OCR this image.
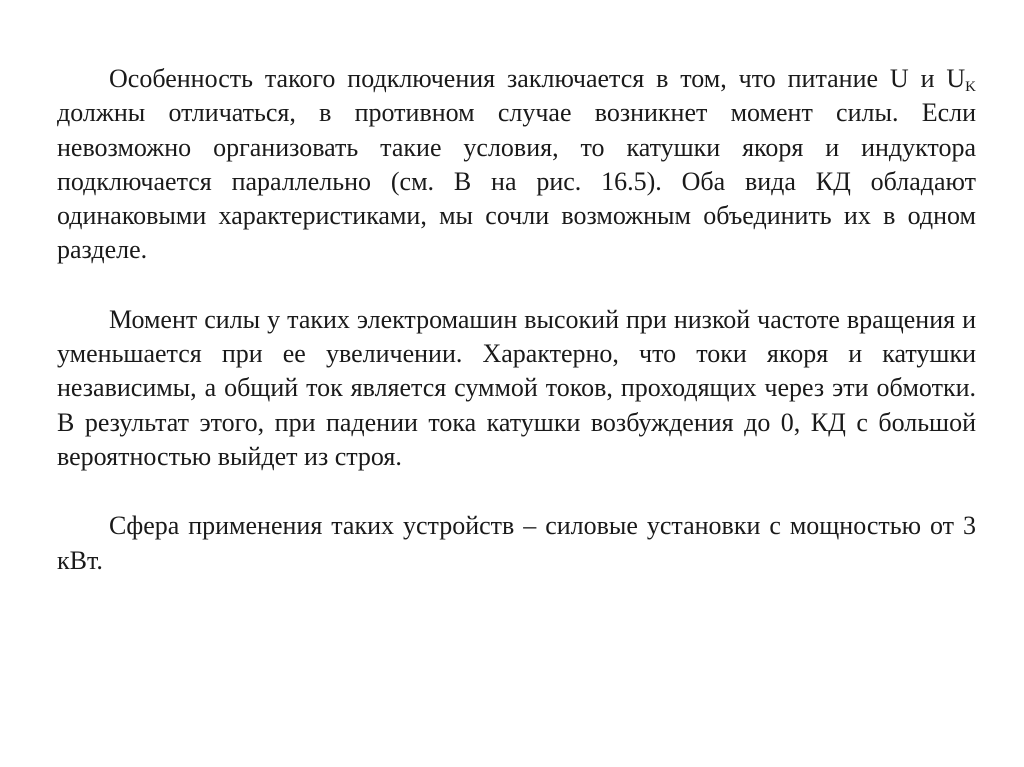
Особенность такого подключения заключается в том, что питание U и $U_K$ должны отличаться, в противном случае возникнет момент силы. Если невозможно организовать такие условия, то катушки якоря и индуктора подключается параллельно (см. В на рис. 16.5). Оба вида КД обладают одинаковыми характеристиками, мы сочли возможным объединить их в одном разделе.

Момент силы у таких электромашин высокий при низкой частоте вращения и уменьшается при ее увеличении. Характерно, что токи якоря и катушки независимы, а общий ток является суммой токов, проходящих через эти обмотки. В результат этого, при падении тока катушки возбуждения до 0, КД с большой вероятностью выйдет из строя.

Сфера применения таких устройств – силовые установки с мощностью от 3 кВт.
